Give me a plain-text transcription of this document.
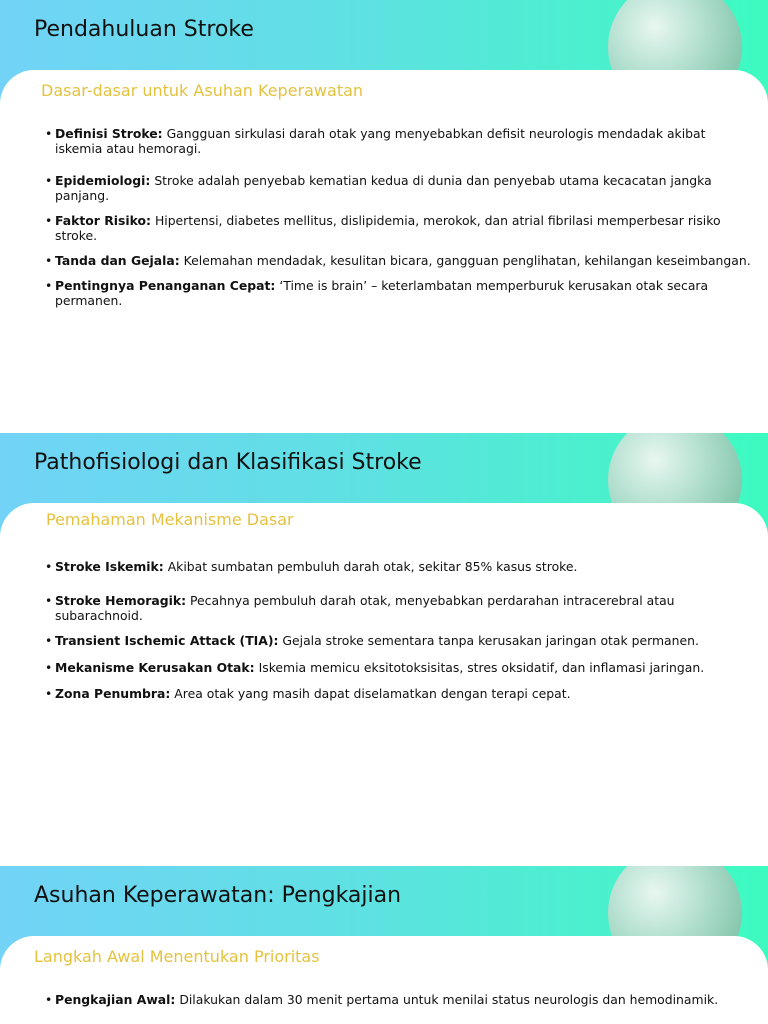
Pendahuluan Stroke
Dasar-dasar untuk Asuhan Keperawatan
• Definisi Stroke: Gangguan sirkulasi darah otak yang menyebabkan defisit neurologis mendadak akibat iskemia atau hemoragi.
• Epidemiologi: Stroke adalah penyebab kematian kedua di dunia dan penyebab utama kecacatan jangka panjang.
• Faktor Risiko: Hipertensi, diabetes mellitus, dislipidemia, merokok, dan atrial fibrilasi memperbesar risiko stroke.
• Tanda dan Gejala: Kelemahan mendadak, kesulitan bicara, gangguan penglihatan, kehilangan keseimbangan.
• Pentingnya Penanganan Cepat: ‘Time is brain’ – keterlambatan memperburuk kerusakan otak secara permanen.
Pathofisiologi dan Klasifikasi Stroke
Pemahaman Mekanisme Dasar
• Stroke Iskemik: Akibat sumbatan pembuluh darah otak, sekitar 85% kasus stroke.
• Stroke Hemoragik: Pecahnya pembuluh darah otak, menyebabkan perdarahan intracerebral atau subarachnoid.
• Transient Ischemic Attack (TIA): Gejala stroke sementara tanpa kerusakan jaringan otak permanen.
• Mekanisme Kerusakan Otak: Iskemia memicu eksitotoksisitas, stres oksidatif, dan inflamasi jaringan.
• Zona Penumbra: Area otak yang masih dapat diselamatkan dengan terapi cepat.
Asuhan Keperawatan: Pengkajian
Langkah Awal Menentukan Prioritas
• Pengkajian Awal: Dilakukan dalam 30 menit pertama untuk menilai status neurologis dan hemodinamik.
